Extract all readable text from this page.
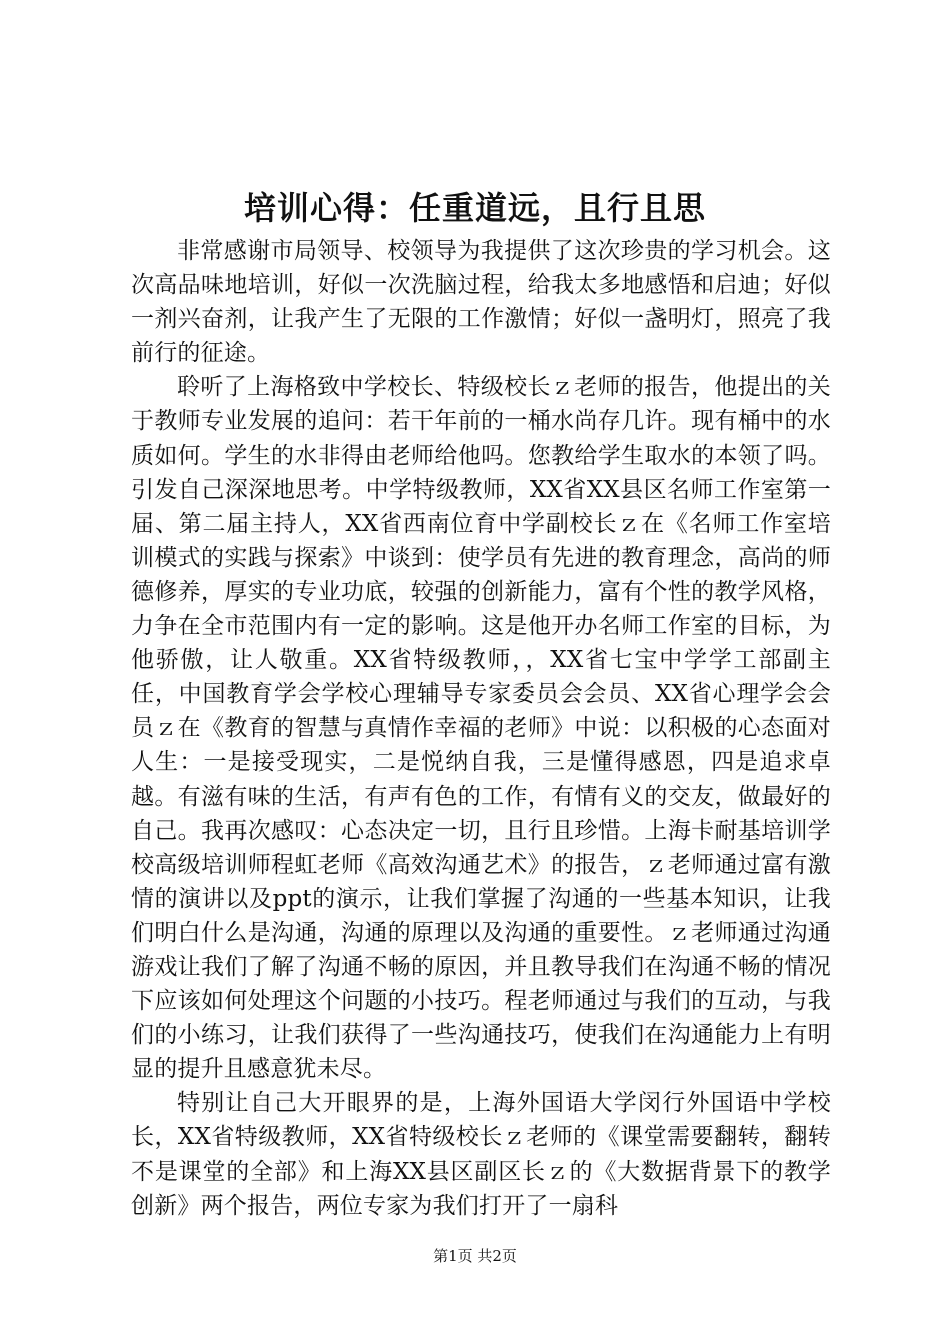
培训心得：任重道远，且行且思

非常感谢市局领导、校领导为我提供了这次珍贵的学习机会。这次高品味地培训，好似一次洗脑过程，给我太多地感悟和启迪；好似一剂兴奋剂，让我产生了无限的工作激情；好似一盏明灯，照亮了我前行的征途。

聆听了上海格致中学校长、特级校长ｚ老师的报告，他提出的关于教师专业发展的追问：若干年前的一桶水尚存几许。现有桶中的水质如何。学生的水非得由老师给他吗。您教给学生取水的本领了吗。引发自己深深地思考。中学特级教师，XX省XX县区名师工作室第一届、第二届主持人，XX省西南位育中学副校长ｚ在《名师工作室培训模式的实践与探索》中谈到：使学员有先进的教育理念，高尚的师德修养，厚实的专业功底，较强的创新能力，富有个性的教学风格，力争在全市范围内有一定的影响。这是他开办名师工作室的目标，为他骄傲，让人敬重。XX省特级教师，，XX省七宝中学学工部副主任，中国教育学会学校心理辅导专家委员会会员、XX省心理学会会员ｚ在《教育的智慧与真情作幸福的老师》中说：以积极的心态面对人生：一是接受现实，二是悦纳自我，三是懂得感恩，四是追求卓越。有滋有味的生活，有声有色的工作，有情有义的交友，做最好的自己。我再次感叹：心态决定一切，且行且珍惜。上海卡耐基培训学校高级培训师程虹老师《高效沟通艺术》的报告，ｚ老师通过富有激情的演讲以及ppt的演示，让我们掌握了沟通的一些基本知识，让我们明白什么是沟通，沟通的原理以及沟通的重要性。ｚ老师通过沟通游戏让我们了解了沟通不畅的原因，并且教导我们在沟通不畅的情况下应该如何处理这个问题的小技巧。程老师通过与我们的互动，与我们的小练习，让我们获得了一些沟通技巧，使我们在沟通能力上有明显的提升且感意犹未尽。

特别让自己大开眼界的是，上海外国语大学闵行外国语中学校长，XX省特级教师，XX省特级校长ｚ老师的《课堂需要翻转，翻转不是课堂的全部》和上海XX县区副区长ｚ的《大数据背景下的教学创新》两个报告，两位专家为我们打开了一扇科

第1页 共2页
